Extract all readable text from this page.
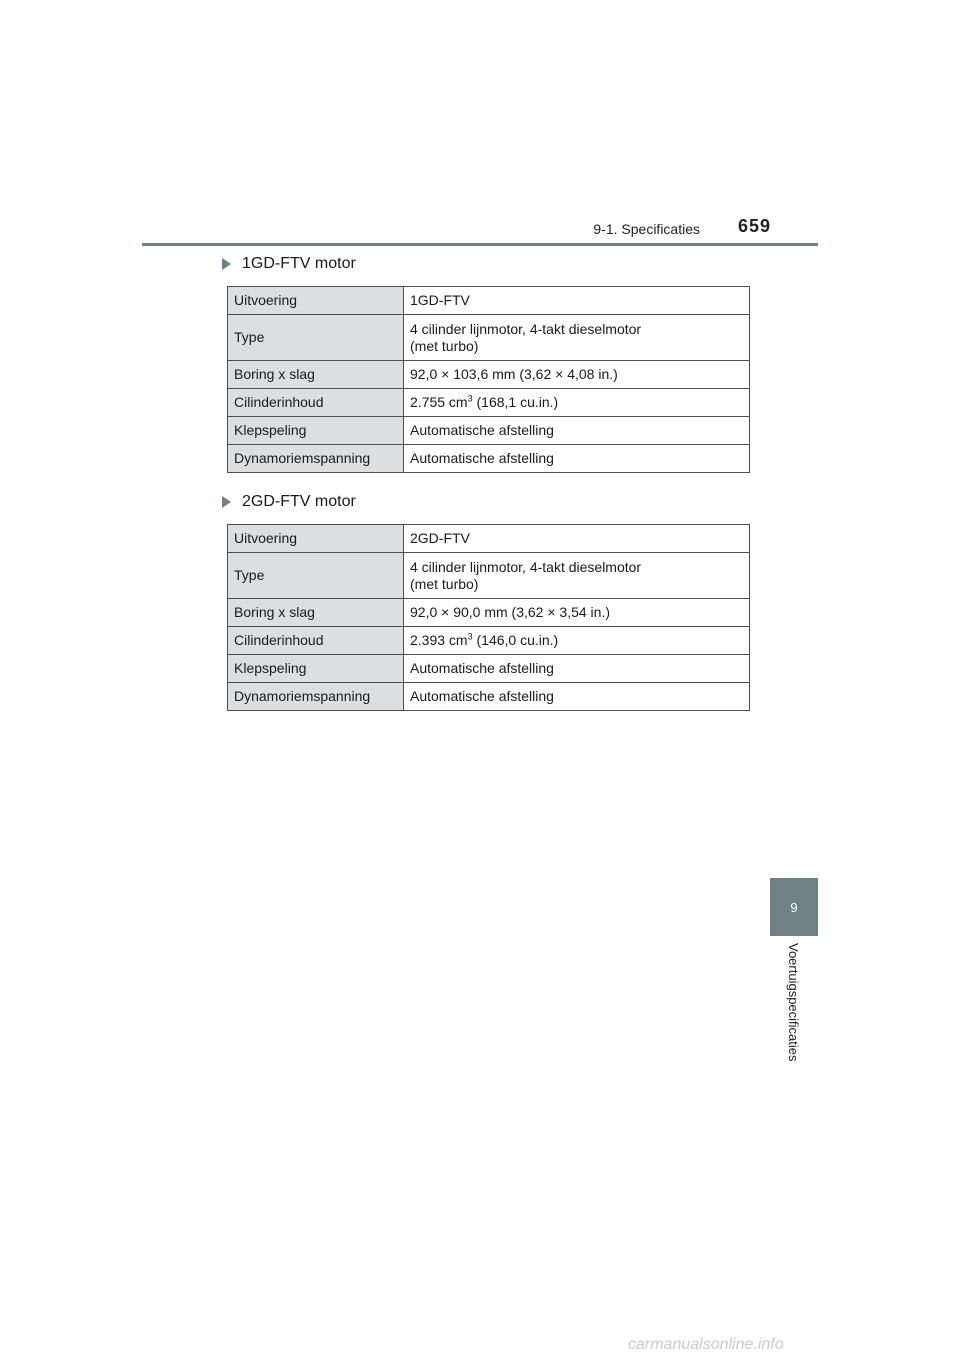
9-1. Specificaties 659
1GD-FTV motor
Uitvoering	1GD-FTV
Type	4 cilinder lijnmotor, 4-takt dieselmotor
(met turbo)
Boring x slag	92,0 × 103,6 mm (3,62 × 4,08 in.)
Cilinderinhoud	2.755 $cm^3$ (168,1 cu.in.)
Klepspeling	Automatische afstelling
Dynamoriemspanning	Automatische afstelling
2GD-FTV motor
Uitvoering	2GD-FTV
Type	4 cilinder lijnmotor, 4-takt dieselmotor
(met turbo)
Boring x slag	92,0 × 90,0 mm (3,62 × 3,54 in.)
Cilinderinhoud	2.393 $cm^3$ (146,0 cu.in.)
Klepspeling	Automatische afstelling
Dynamoriemspanning	Automatische afstelling
9
Voertuigspecificaties
carmanualsonline.info
